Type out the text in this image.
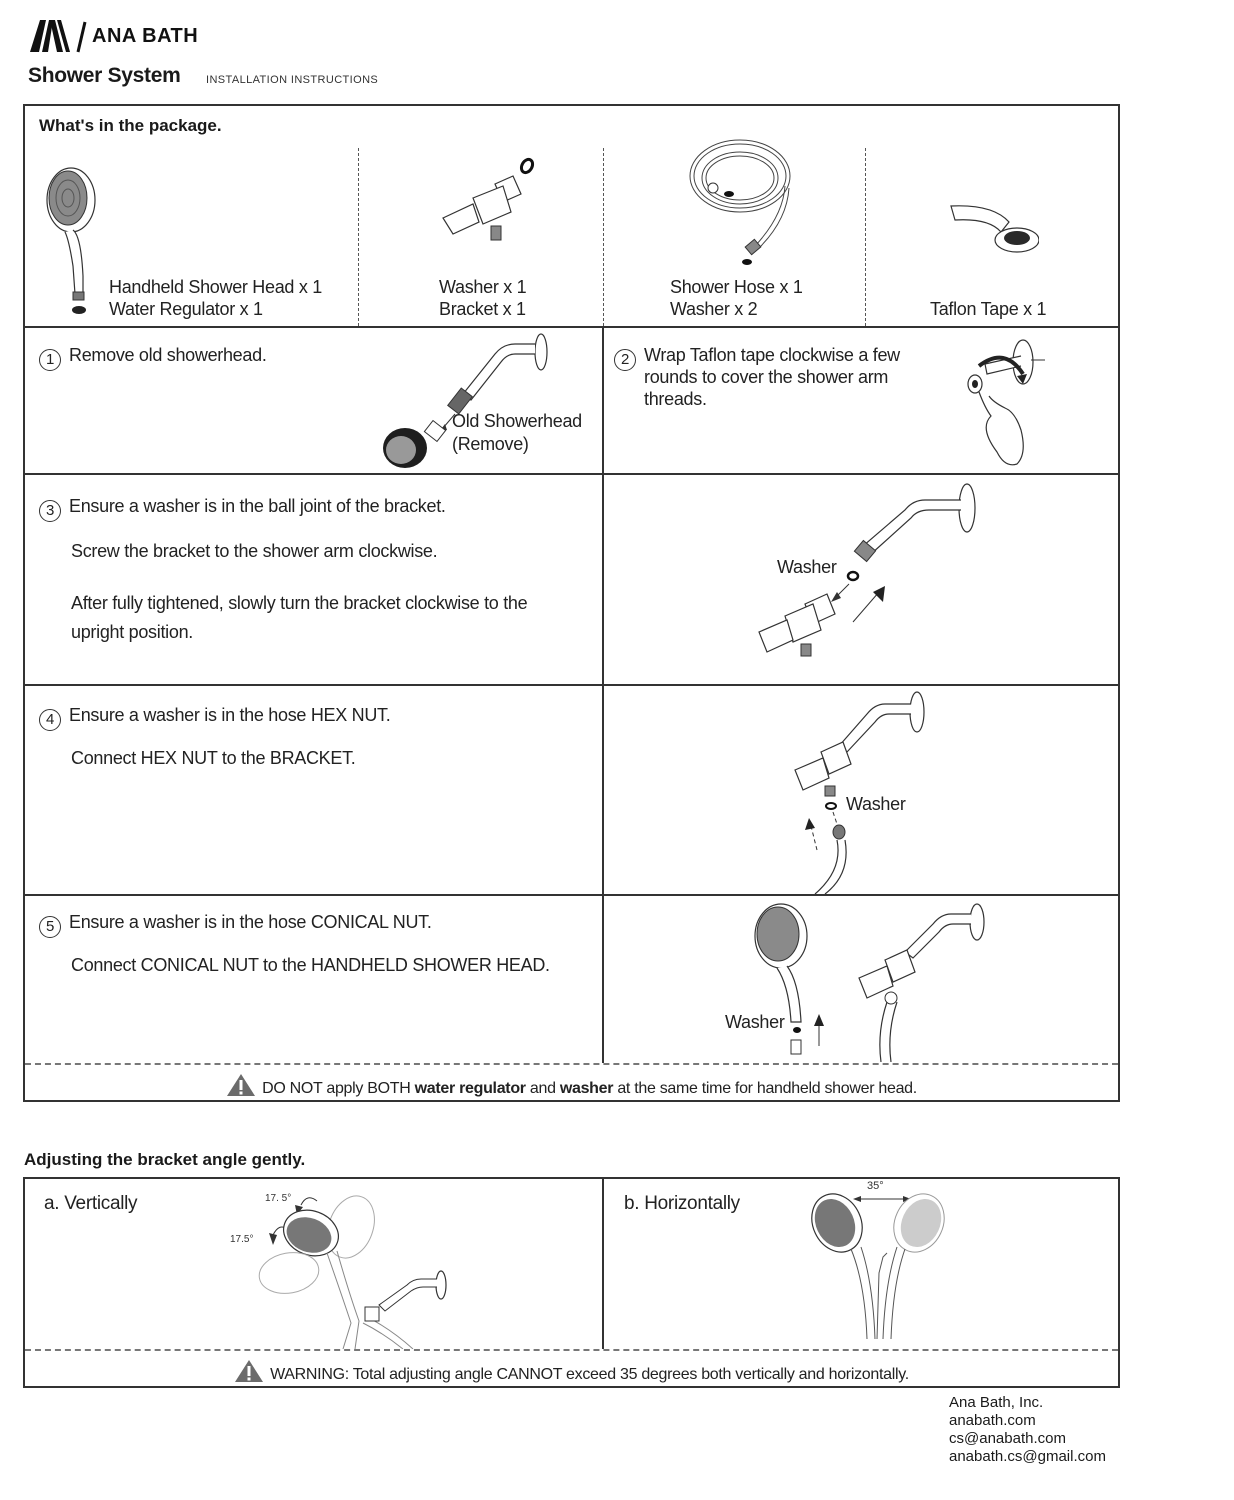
ANA BATH
Shower System INSTALLATION INSTRUCTIONS
What's in the package.
Handheld Shower Head x 1
Water Regulator x 1
Washer x 1
Bracket x 1
Shower Hose x 1
Washer x 2	Taflon Tape x 1
1 Remove old showerhead.
Old Showerhead
(Remove)
2 Wrap Taflon tape clockwise a few
rounds to cover the shower arm
threads.
3 Ensure a washer is in the ball joint of the bracket.
Screw the bracket to the shower arm clockwise.
After fully tightened, slowly turn the bracket clockwise to the
upright position.
Washer
4 Ensure a washer is in the hose HEX NUT.
Connect HEX NUT to the BRACKET.
Washer
5 Ensure a washer is in the hose CONICAL NUT.
Connect CONICAL NUT to the HANDHELD SHOWER HEAD.
Washer
DO NOT apply BOTH water regulator and washer at the same time for handheld shower head.
Adjusting the bracket angle gently.
a. Vertically	b. Horizontally
17. 5°
17.5°
35°
WARNING: Total adjusting angle CANNOT exceed 35 degrees both vertically and horizontally.
Ana Bath, Inc.
anabath.com
cs@anabath.com
anabath.cs@gmail.com
